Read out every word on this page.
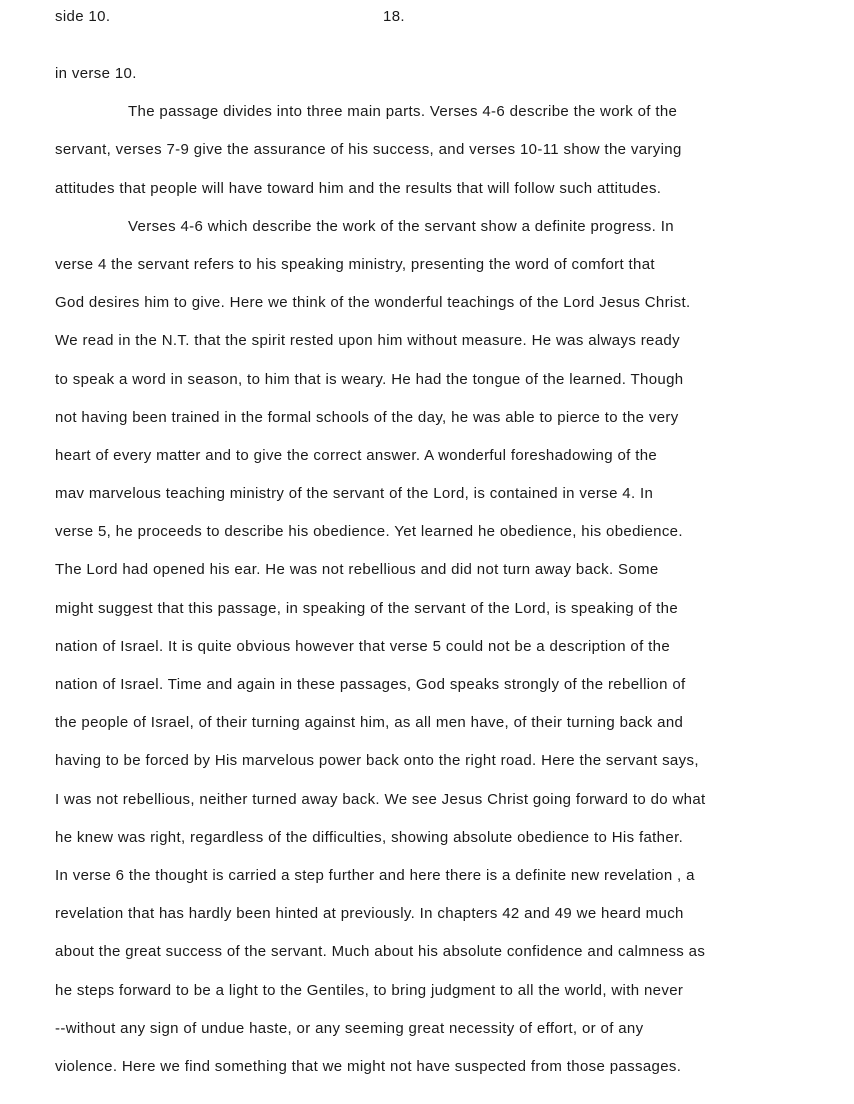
side 10.	18.
in verse 10.
The passage divides into three main parts. Verses 4-6 describe the work of the
servant, verses 7-9 give the assurance of his success, and verses 10-11 show the varying
attitudes that people will have toward him and the results that will follow such attitudes.
Verses 4-6 which describe the work of the servant show a definite progress. In
verse 4 the servant refers to his speaking ministry, presenting the word of comfort that
God desires him to give. Here we think of the wonderful teachings of the Lord Jesus Christ.
We read in the N.T. that the spirit rested upon him without measure. He was always ready
to speak a word in season, to him that is weary. He had the tongue of the learned. Though
not having been trained in the formal schools of the day, he was able to pierce to the very
heart of every matter and to give the correct answer. A wonderful foreshadowing of the
mav marvelous teaching ministry of the servant of the Lord, is contained in verse 4. In
verse 5, he proceeds to describe his obedience. Yet learned he obedience, his obedience.
The Lord had opened his ear. He was not rebellious and did not turn away back. Some
might suggest that this passage, in speaking of the servant of the Lord, is speaking of the
nation of Israel. It is quite obvious however that verse 5 could not be a description of the
nation of Israel. Time and again in these passages, God speaks strongly of the rebellion of
the people of Israel, of their turning against him, as all men have, of their turning back and
having to be forced by His marvelous power back onto the right road. Here the servant says,
I was not rebellious, neither turned away back. We see Jesus Christ going forward to do what
he knew was right, regardless of the difficulties, showing absolute obedience to His father.
In verse 6 the thought is carried a step further and here there is a definite new revelation , a
revelation that has hardly been hinted at previously. In chapters 42 and 49 we heard much
about the great success of the servant. Much about his absolute confidence and calmness as
he steps forward to be a light to the Gentiles, to bring judgment to all the world, with never
--without any sign of undue haste, or any seeming great necessity of effort, or of any
violence. Here we find something that we might not have suspected from those passages.
